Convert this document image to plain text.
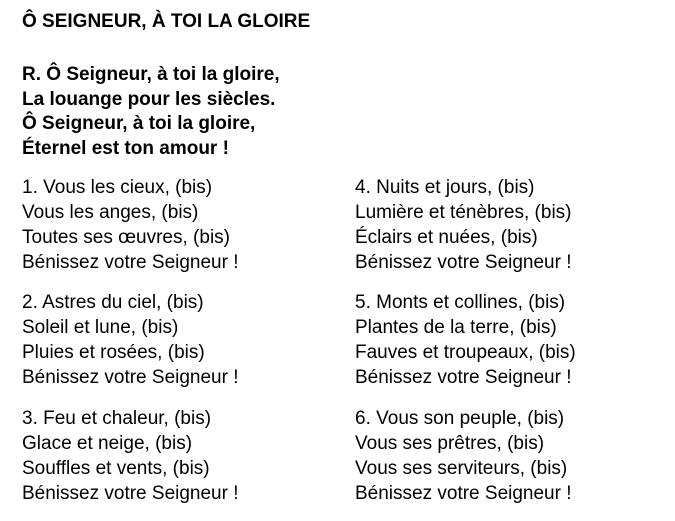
Ô SEIGNEUR, À TOI LA GLOIRE
R. Ô Seigneur, à toi la gloire,
La louange pour les siècles.
Ô Seigneur, à toi la gloire,
Éternel est ton amour !
1. Vous les cieux, (bis)
Vous les anges, (bis)
Toutes ses œuvres, (bis)
Bénissez votre Seigneur !
2. Astres du ciel, (bis)
Soleil et lune, (bis)
Pluies et rosées, (bis)
Bénissez votre Seigneur !
3. Feu et chaleur, (bis)
Glace et neige, (bis)
Souffles et vents, (bis)
Bénissez votre Seigneur !
4. Nuits et jours, (bis)
Lumière et ténèbres, (bis)
Éclairs et nuées, (bis)
Bénissez votre Seigneur !
5. Monts et collines, (bis)
Plantes de la terre, (bis)
Fauves et troupeaux, (bis)
Bénissez votre Seigneur !
6. Vous son peuple, (bis)
Vous ses prêtres, (bis)
Vous ses serviteurs, (bis)
Bénissez votre Seigneur !
